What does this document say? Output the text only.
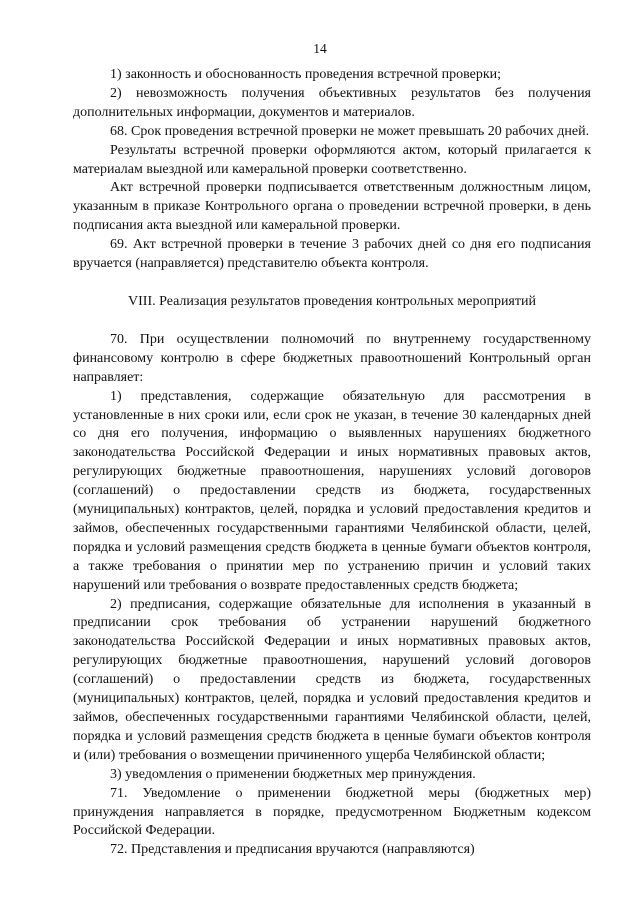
14

1) законность и обоснованность проведения встречной проверки;

2) невозможность получения объективных результатов без получения дополнительных информации, документов и материалов.

68. Срок проведения встречной проверки не может превышать 20 рабочих дней.

Результаты встречной проверки оформляются актом, который прилагается к материалам выездной или камеральной проверки соответственно.

Акт встречной проверки подписывается ответственным должностным лицом, указанным в приказе Контрольного органа о проведении встречной проверки, в день подписания акта выездной или камеральной проверки.

69. Акт встречной проверки в течение 3 рабочих дней со дня его подписания вручается (направляется) представителю объекта контроля.

VIII. Реализация результатов проведения контрольных мероприятий

70. При осуществлении полномочий по внутреннему государственному финансовому контролю в сфере бюджетных правоотношений Контрольный орган направляет:

1) представления, содержащие обязательную для рассмотрения в установленные в них сроки или, если срок не указан, в течение 30 календарных дней со дня его получения, информацию о выявленных нарушениях бюджетного законодательства Российской Федерации и иных нормативных правовых актов, регулирующих бюджетные правоотношения, нарушениях условий договоров (соглашений) о предоставлении средств из бюджета, государственных (муниципальных) контрактов, целей, порядка и условий предоставления кредитов и займов, обеспеченных государственными гарантиями Челябинской области, целей, порядка и условий размещения средств бюджета в ценные бумаги объектов контроля, а также требования о принятии мер по устранению причин и условий таких нарушений или требования о возврате предоставленных средств бюджета;

2) предписания, содержащие обязательные для исполнения в указанный в предписании срок требования об устранении нарушений бюджетного законодательства Российской Федерации и иных нормативных правовых актов, регулирующих бюджетные правоотношения, нарушений условий договоров (соглашений) о предоставлении средств из бюджета, государственных (муниципальных) контрактов, целей, порядка и условий предоставления кредитов и займов, обеспеченных государственными гарантиями Челябинской области, целей, порядка и условий размещения средств бюджета в ценные бумаги объектов контроля и (или) требования о возмещении причиненного ущерба Челябинской области;

3) уведомления о применении бюджетных мер принуждения.

71. Уведомление о применении бюджетной меры (бюджетных мер) принуждения направляется в порядке, предусмотренном Бюджетным кодексом Российской Федерации.

72. Представления и предписания вручаются (направляются)
